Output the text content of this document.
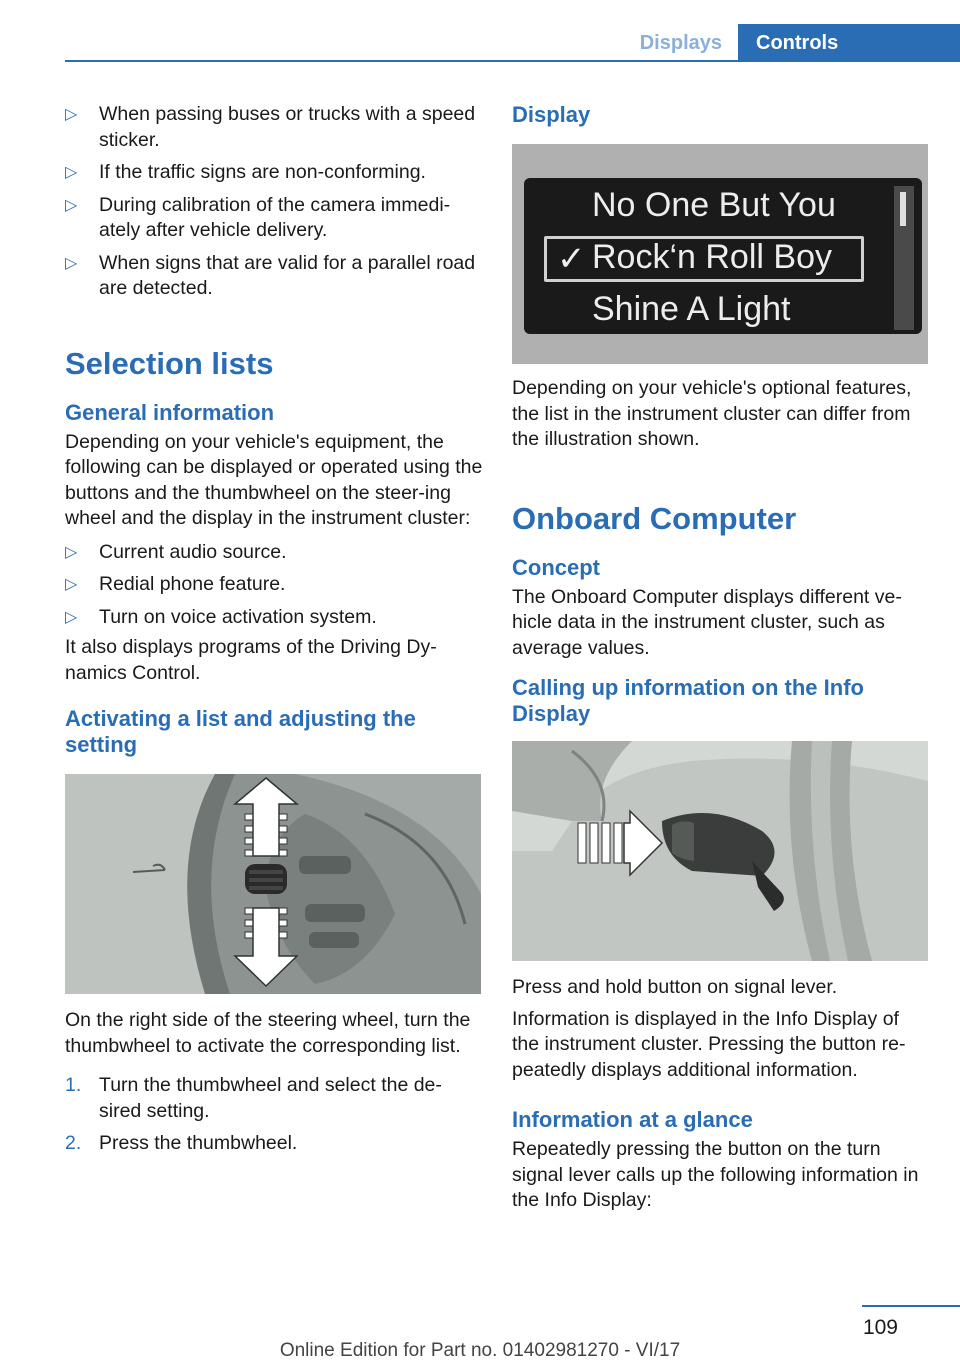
Displays	Controls
▷ When passing buses or trucks with a speed sticker.
▷ If the traffic signs are non-conforming.
▷ During calibration of the camera immedi-ately after vehicle delivery.
▷ When signs that are valid for a parallel road are detected.
Selection lists
General information

Depending on your vehicle's equipment, the following can be displayed or operated using the buttons and the thumbwheel on the steer-ing wheel and the display in the instrument cluster:

▷ Current audio source.
▷ Redial phone feature.
▷ Turn on voice activation system.

It also displays programs of the Driving Dy-namics Control.

Activating a list and adjusting the setting

On the right side of the steering wheel, turn the thumbwheel to activate the corresponding list.

1. Turn the thumbwheel and select the de-sired setting.
2. Press the thumbwheel.
Display
No One But You
✓ Rock‘n Roll Boy
Shine A Light

Depending on your vehicle's optional features, the list in the instrument cluster can differ from the illustration shown.

Onboard Computer
Concept

The Onboard Computer displays different ve-hicle data in the instrument cluster, such as average values.

Calling up information on the Info Display

Press and hold button on signal lever.

Information is displayed in the Info Display of the instrument cluster. Pressing the button re-peatedly displays additional information.

Information at a glance

Repeatedly pressing the button on the turn signal lever calls up the following information in the Info Display:

109
Online Edition for Part no. 01402981270 - VI/17
